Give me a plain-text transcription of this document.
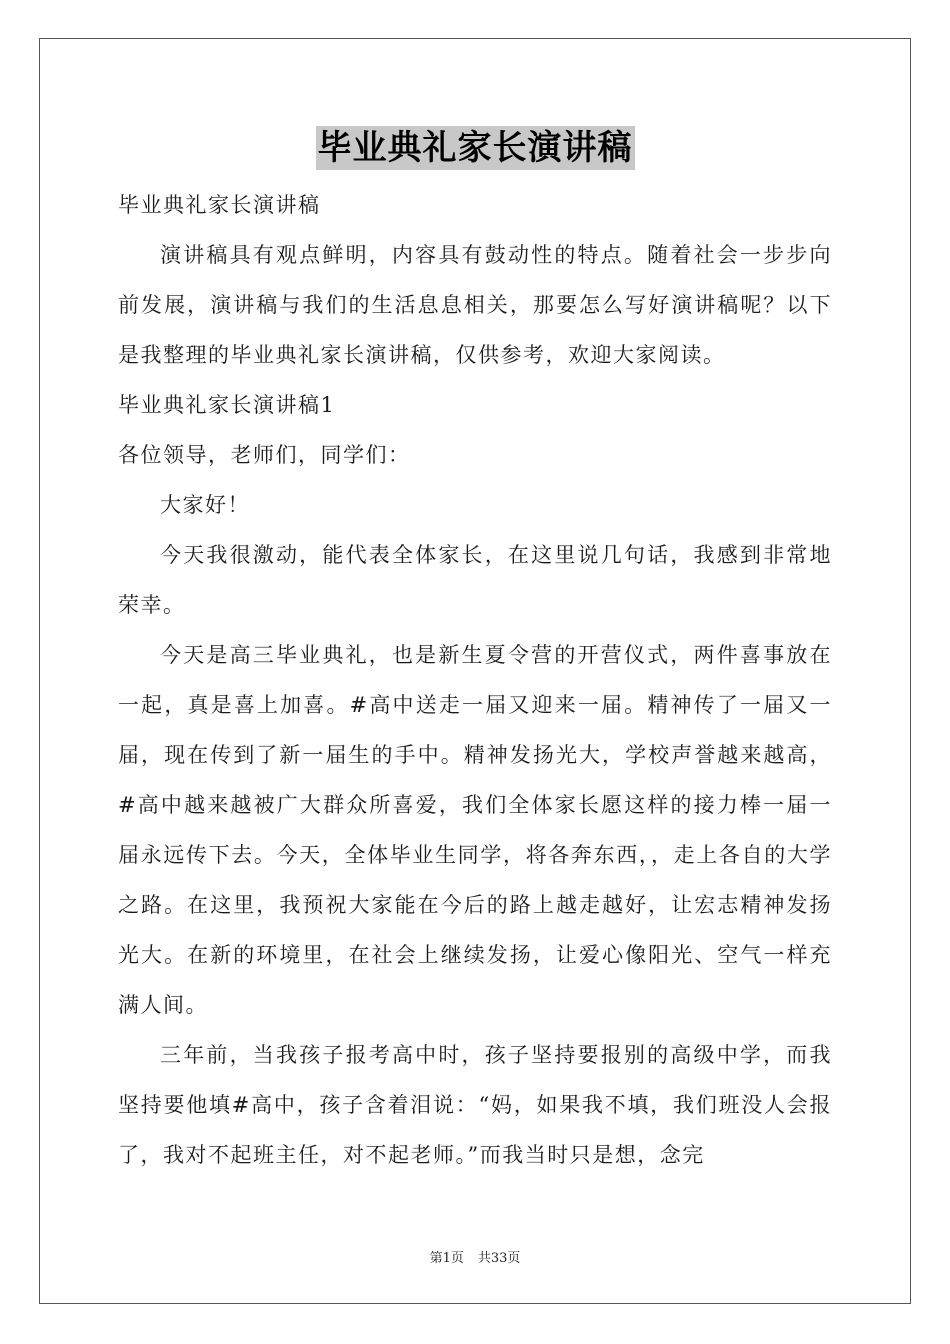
毕业典礼家长演讲稿

毕业典礼家长演讲稿

演讲稿具有观点鲜明，内容具有鼓动性的特点。随着社会一步步向前发展，演讲稿与我们的生活息息相关，那要怎么写好演讲稿呢？以下是我整理的毕业典礼家长演讲稿，仅供参考，欢迎大家阅读。

毕业典礼家长演讲稿1

各位领导，老师们，同学们：

大家好！

今天我很激动，能代表全体家长，在这里说几句话，我感到非常地荣幸。

今天是高三毕业典礼，也是新生夏令营的开营仪式，两件喜事放在一起，真是喜上加喜。#高中送走一届又迎来一届。精神传了一届又一届，现在传到了新一届生的手中。精神发扬光大，学校声誉越来越高，#高中越来越被广大群众所喜爱，我们全体家长愿这样的接力棒一届一届永远传下去。今天，全体毕业生同学，将各奔东西，，走上各自的大学之路。在这里，我预祝大家能在今后的路上越走越好，让宏志精神发扬光大。在新的环境里，在社会上继续发扬，让爱心像阳光、空气一样充满人间。

三年前，当我孩子报考高中时，孩子坚持要报别的高级中学，而我坚持要他填#高中，孩子含着泪说：“妈，如果我不填，我们班没人会报了，我对不起班主任，对不起老师。”而我当时只是想，念完

第1页 共33页
